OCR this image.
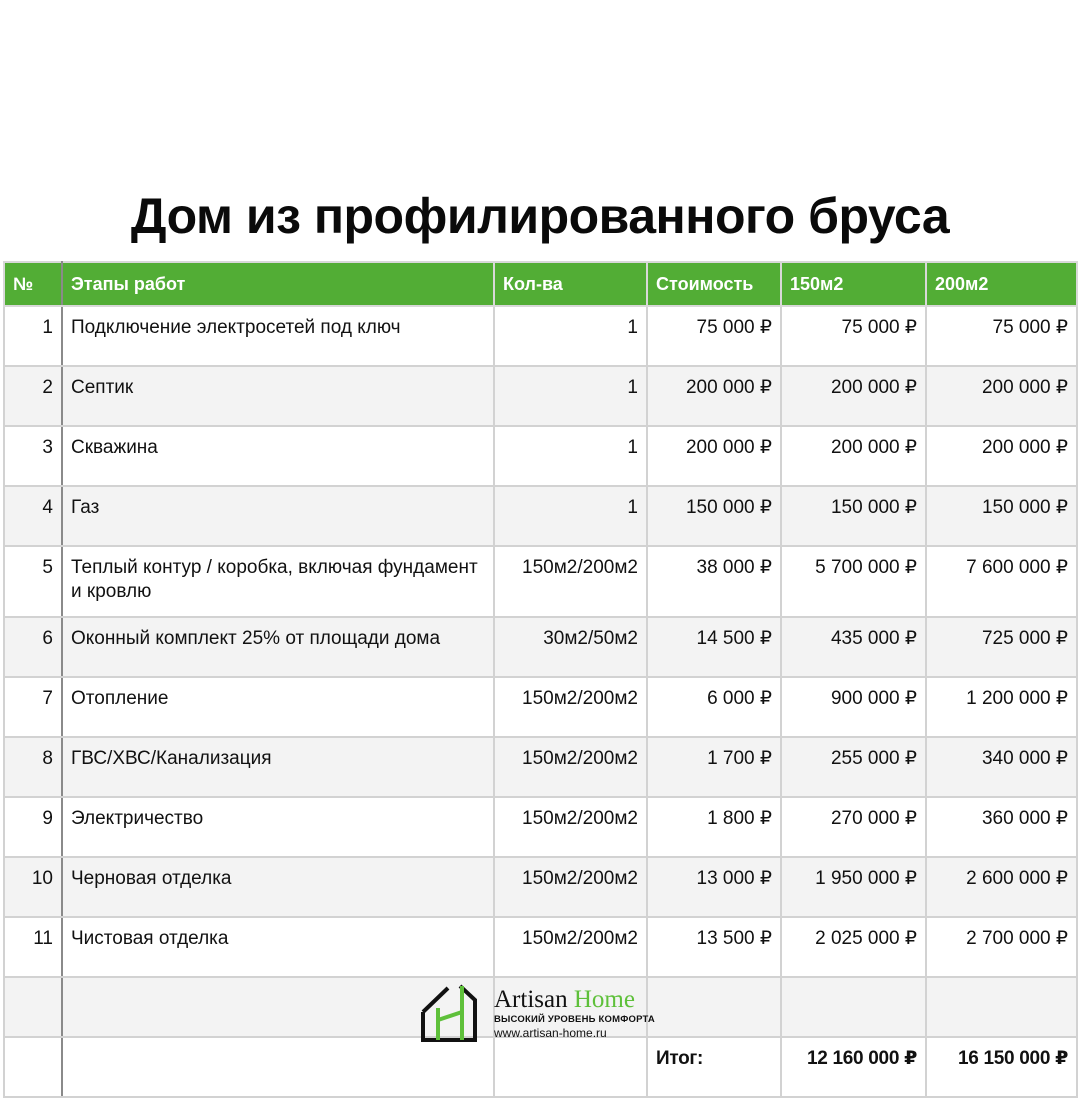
Дом из профилированного бруса
№	Этапы работ	Кол-ва	Стоимость	150м2	200м2
1	Подключение электросетей под ключ	1	75 000 ₽	75 000 ₽	75 000 ₽
2	Септик	1	200 000 ₽	200 000 ₽	200 000 ₽
3	Скважина	1	200 000 ₽	200 000 ₽	200 000 ₽
4	Газ	1	150 000 ₽	150 000 ₽	150 000 ₽
5	Теплый контур / коробка, включая фундамент и кровлю	150м2/200м2	38 000 ₽	5 700 000 ₽	7 600 000 ₽
6	Оконный комплект 25% от площади дома	30м2/50м2	14 500 ₽	435 000 ₽	725 000 ₽
7	Отопление	150м2/200м2	6 000 ₽	900 000 ₽	1 200 000 ₽
8	ГВС/ХВС/Канализация	150м2/200м2	1 700 ₽	255 000 ₽	340 000 ₽
9	Электричество	150м2/200м2	1 800 ₽	270 000 ₽	360 000 ₽
10	Черновая отделка	150м2/200м2	13 000 ₽	1 950 000 ₽	2 600 000 ₽
11	Чистовая отделка	150м2/200м2	13 500 ₽	2 025 000 ₽	2 700 000 ₽

			Итог:	12 160 000 ₽	16 150 000 ₽
Artisan Home
ВЫСОКИЙ УРОВЕНЬ КОМФОРТА
www.artisan-home.ru
